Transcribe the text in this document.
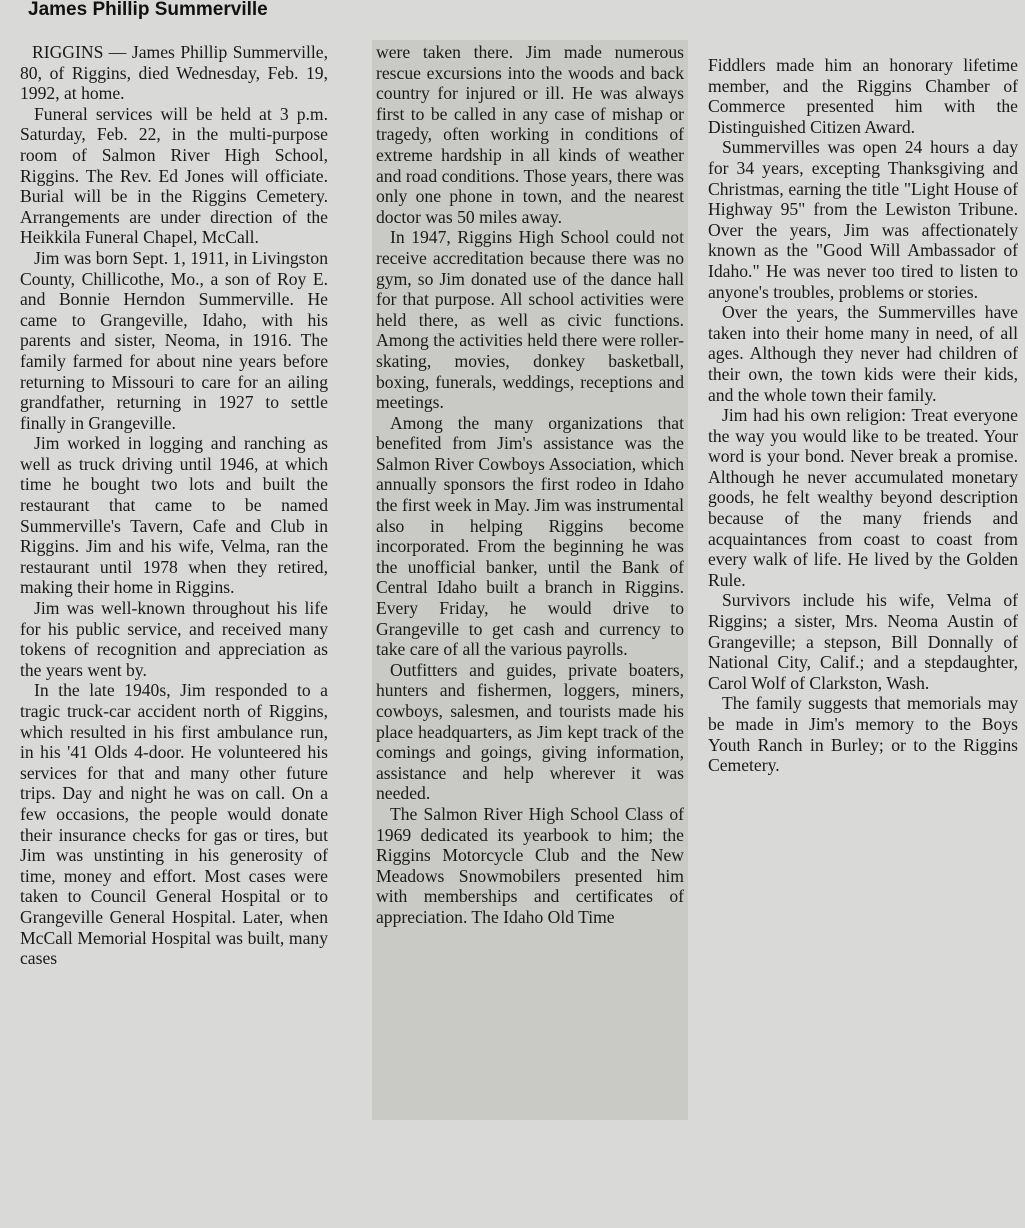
James Phillip Summerville

RIGGINS — James Phillip Summerville, 80, of Riggins, died Wednesday, Feb. 19, 1992, at home.

Funeral services will be held at 3 p.m. Saturday, Feb. 22, in the multi-purpose room of Salmon River High School, Riggins. The Rev. Ed Jones will officiate. Burial will be in the Riggins Cemetery. Arrangements are under direction of the Heikkila Funeral Chapel, McCall.

Jim was born Sept. 1, 1911, in Livingston County, Chillicothe, Mo., a son of Roy E. and Bonnie Herndon Summerville. He came to Grangeville, Idaho, with his parents and sister, Neoma, in 1916. The family farmed for about nine years before returning to Missouri to care for an ailing grandfather, returning in 1927 to settle finally in Grangeville.

Jim worked in logging and ranching as well as truck driving until 1946, at which time he bought two lots and built the restaurant that came to be named Summerville's Tavern, Cafe and Club in Riggins. Jim and his wife, Velma, ran the restaurant until 1978 when they retired, making their home in Riggins.

Jim was well-known throughout his life for his public service, and received many tokens of recognition and appreciation as the years went by.

In the late 1940s, Jim responded to a tragic truck-car accident north of Riggins, which resulted in his first ambulance run, in his '41 Olds 4-door. He volunteered his services for that and many other future trips. Day and night he was on call. On a few occasions, the people would donate their insurance checks for gas or tires, but Jim was unstinting in his generosity of time, money and effort. Most cases were taken to Council General Hospital or to Grangeville General Hospital. Later, when McCall Memorial Hospital was built, many cases

were taken there. Jim made numerous rescue excursions into the woods and back country for injured or ill. He was always first to be called in any case of mishap or tragedy, often working in conditions of extreme hardship in all kinds of weather and road conditions. Those years, there was only one phone in town, and the nearest doctor was 50 miles away.

In 1947, Riggins High School could not receive accreditation because there was no gym, so Jim donated use of the dance hall for that purpose. All school activities were held there, as well as civic functions. Among the activities held there were roller-skating, movies, donkey basketball, boxing, funerals, weddings, receptions and meetings.

Among the many organizations that benefited from Jim's assistance was the Salmon River Cowboys Association, which annually sponsors the first rodeo in Idaho the first week in May. Jim was instrumental also in helping Riggins become incorporated. From the beginning he was the unofficial banker, until the Bank of Central Idaho built a branch in Riggins. Every Friday, he would drive to Grangeville to get cash and currency to take care of all the various payrolls.

Outfitters and guides, private boaters, hunters and fishermen, loggers, miners, cowboys, salesmen, and tourists made his place headquarters, as Jim kept track of the comings and goings, giving information, assistance and help wherever it was needed.

The Salmon River High School Class of 1969 dedicated its yearbook to him; the Riggins Motorcycle Club and the New Meadows Snowmobilers presented him with memberships and certificates of appreciation. The Idaho Old Time

Fiddlers made him an honorary lifetime member, and the Riggins Chamber of Commerce presented him with the Distinguished Citizen Award.

Summervilles was open 24 hours a day for 34 years, excepting Thanksgiving and Christmas, earning the title "Light House of Highway 95" from the Lewiston Tribune. Over the years, Jim was affectionately known as the "Good Will Ambassador of Idaho." He was never too tired to listen to anyone's troubles, problems or stories.

Over the years, the Summervilles have taken into their home many in need, of all ages. Although they never had children of their own, the town kids were their kids, and the whole town their family.

Jim had his own religion: Treat everyone the way you would like to be treated. Your word is your bond. Never break a promise. Although he never accumulated monetary goods, he felt wealthy beyond description because of the many friends and acquaintances from coast to coast from every walk of life. He lived by the Golden Rule.

Survivors include his wife, Velma of Riggins; a sister, Mrs. Neoma Austin of Grangeville; a stepson, Bill Donnally of National City, Calif.; and a stepdaughter, Carol Wolf of Clarkston, Wash.

The family suggests that memorials may be made in Jim's memory to the Boys Youth Ranch in Burley; or to the Riggins Cemetery.
